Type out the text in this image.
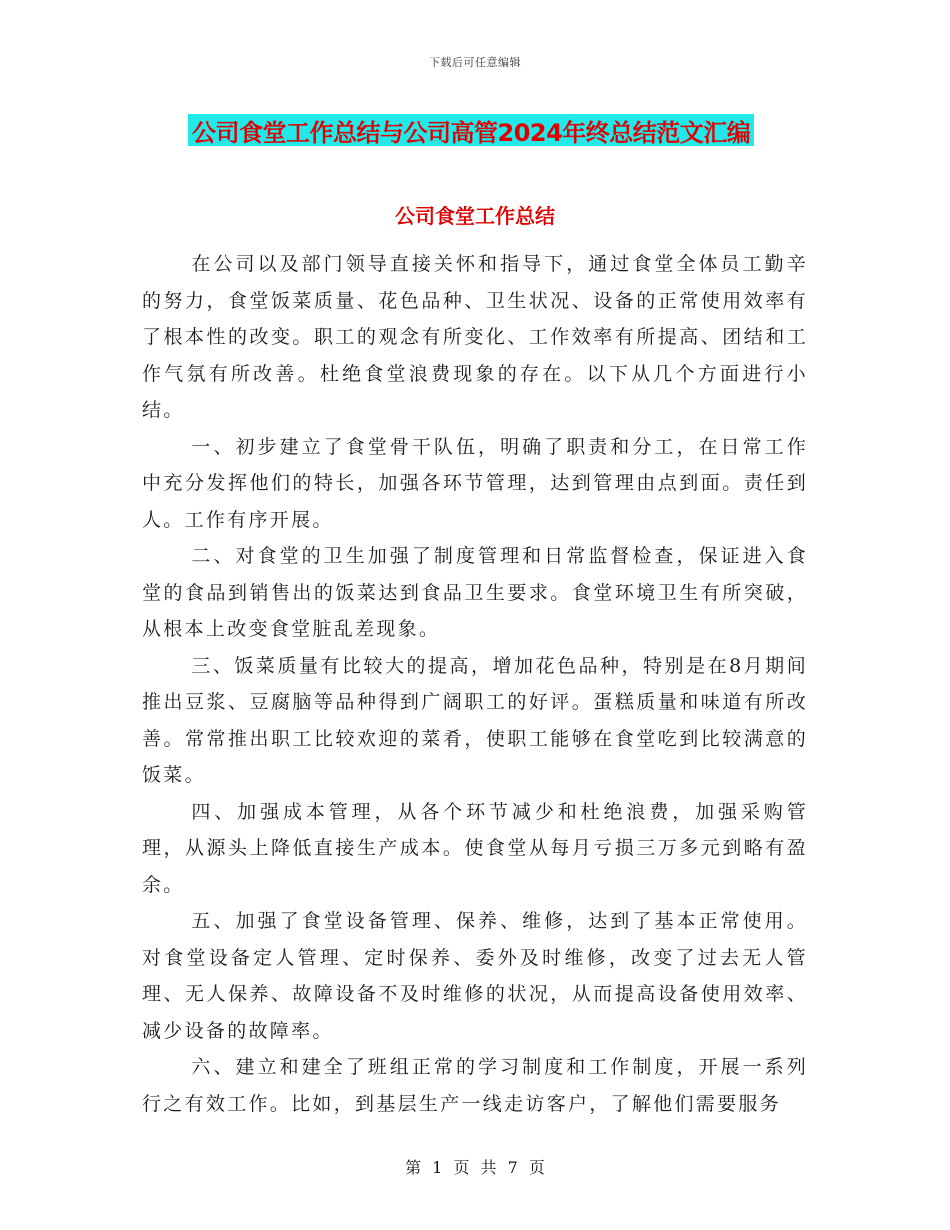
下载后可任意编辑
公司食堂工作总结与公司高管2024年终总结范文汇编
公司食堂工作总结

在公司以及部门领导直接关怀和指导下，通过食堂全体员工勤辛的努力，食堂饭菜质量、花色品种、卫生状况、设备的正常使用效率有了根本性的改变。职工的观念有所变化、工作效率有所提高、团结和工作气氛有所改善。杜绝食堂浪费现象的存在。以下从几个方面进行小结。

一、初步建立了食堂骨干队伍，明确了职责和分工，在日常工作中充分发挥他们的特长，加强各环节管理，达到管理由点到面。责任到人。工作有序开展。

二、对食堂的卫生加强了制度管理和日常监督检查，保证进入食堂的食品到销售出的饭菜达到食品卫生要求。食堂环境卫生有所突破，从根本上改变食堂脏乱差现象。

三、饭菜质量有比较大的提高，增加花色品种，特别是在8月期间推出豆浆、豆腐脑等品种得到广阔职工的好评。蛋糕质量和味道有所改善。常常推出职工比较欢迎的菜肴，使职工能够在食堂吃到比较满意的饭菜。

四、加强成本管理，从各个环节减少和杜绝浪费，加强采购管理，从源头上降低直接生产成本。使食堂从每月亏损三万多元到略有盈余。

五、加强了食堂设备管理、保养、维修，达到了基本正常使用。对食堂设备定人管理、定时保养、委外及时维修，改变了过去无人管理、无人保养、故障设备不及时维修的状况，从而提高设备使用效率、减少设备的故障率。

六、建立和建全了班组正常的学习制度和工作制度，开展一系列行之有效工作。比如，到基层生产一线走访客户，了解他们需要服务

第 1 页 共 7 页
